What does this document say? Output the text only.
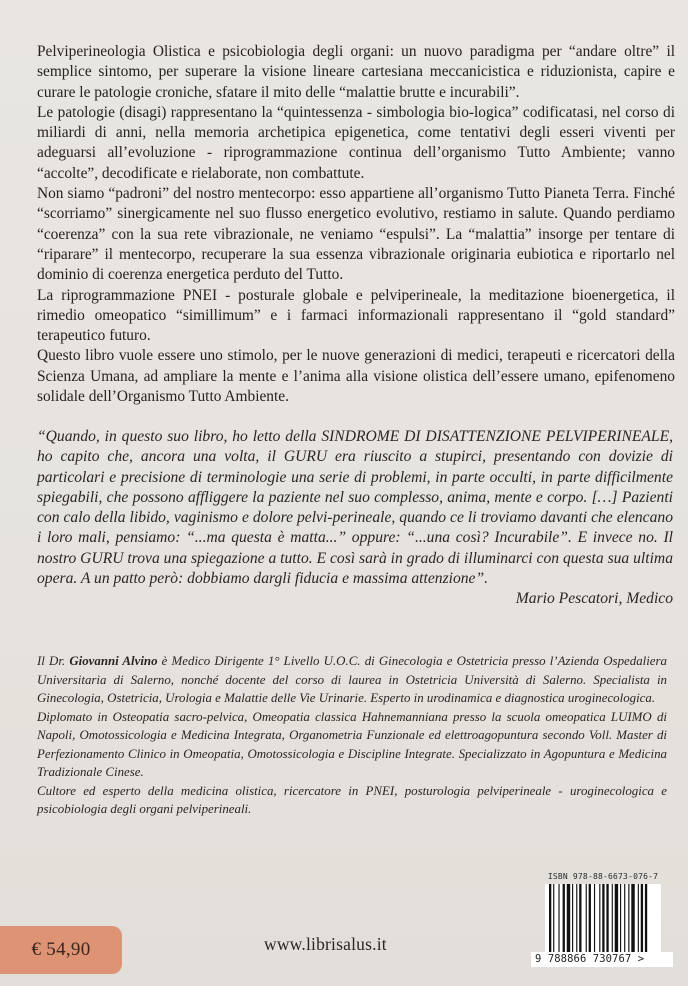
Pelviperineologia Olistica e psicobiologia degli organi: un nuovo paradigma per “andare oltre” il semplice sintomo, per superare la visione lineare cartesiana meccanicistica e riduzionista, capire e curare le patologie croniche, sfatare il mito delle “malattie brutte e incurabili”.

Le patologie (disagi) rappresentano la “quintessenza - simbologia bio-logica” codificatasi, nel corso di miliardi di anni, nella memoria archetipica epigenetica, come tentativi degli esseri viventi per adeguarsi all’evoluzione - riprogrammazione continua dell’organismo Tutto Ambiente; vanno “accolte”, decodificate e rielaborate, non combattute.

Non siamo “padroni” del nostro mentecorpo: esso appartiene all’organismo Tutto Pianeta Terra. Finché “scorriamo” sinergicamente nel suo flusso energetico evolutivo, restiamo in salute. Quando perdiamo “coerenza” con la sua rete vibrazionale, ne veniamo “espulsi”. La “malattia” insorge per tentare di “riparare” il mentecorpo, recuperare la sua essenza vibrazionale originaria eubiotica e riportarlo nel dominio di coerenza energetica perduto del Tutto.

La riprogrammazione PNEI - posturale globale e pelviperineale, la meditazione bioenergetica, il rimedio omeopatico “simillimum” e i farmaci informazionali rappresentano il “gold standard” terapeutico futuro.

Questo libro vuole essere uno stimolo, per le nuove generazioni di medici, terapeuti e ricercatori della Scienza Umana, ad ampliare la mente e l’anima alla visione olistica dell’essere umano, epifenomeno solidale dell’Organismo Tutto Ambiente.

“Quando, in questo suo libro, ho letto della SINDROME DI DISATTENZIONE PELVIPERINEALE, ho capito che, ancora una volta, il GURU era riuscito a stupirci, presentando con dovizie di particolari e precisione di terminologie una serie di problemi, in parte occulti, in parte difficilmente spiegabili, che possono affliggere la paziente nel suo complesso, anima, mente e corpo. […] Pazienti con calo della libido, vaginismo e dolore pelvi-perineale, quando ce li troviamo davanti che elencano i loro mali, pensiamo: “...ma questa è matta...” oppure: “...una così? Incurabile”. E invece no. Il nostro GURU trova una spiegazione a tutto. E così sarà in grado di illuminarci con questa sua ultima opera. A un patto però: dobbiamo dargli fiducia e massima attenzione”.

Mario Pescatori, Medico

Il Dr. Giovanni Alvino è Medico Dirigente 1° Livello U.O.C. di Ginecologia e Ostetricia presso l’Azienda Ospedaliera Universitaria di Salerno, nonché docente del corso di laurea in Ostetricia Università di Salerno. Specialista in Ginecologia, Ostetricia, Urologia e Malattie delle Vie Urinarie. Esperto in urodinamica e diagnostica uroginecologica.

Diplomato in Osteopatia sacro-pelvica, Omeopatia classica Hahnemanniana presso la scuola omeopatica LUIMO di Napoli, Omotossicologia e Medicina Integrata, Organometria Funzionale ed elettroagopuntura secondo Voll. Master di Perfezionamento Clinico in Omeopatia, Omotossicologia e Discipline Integrate. Specializzato in Agopuntura e Medicina Tradizionale Cinese.

Cultore ed esperto della medicina olistica, ricercatore in PNEI, posturologia pelviperineale - uroginecologica e psicobiologia degli organi pelviperineali.

€ 54,90	www.librisalus.it
ISBN 978-88-6673-076-7
9 788866 730767 >
